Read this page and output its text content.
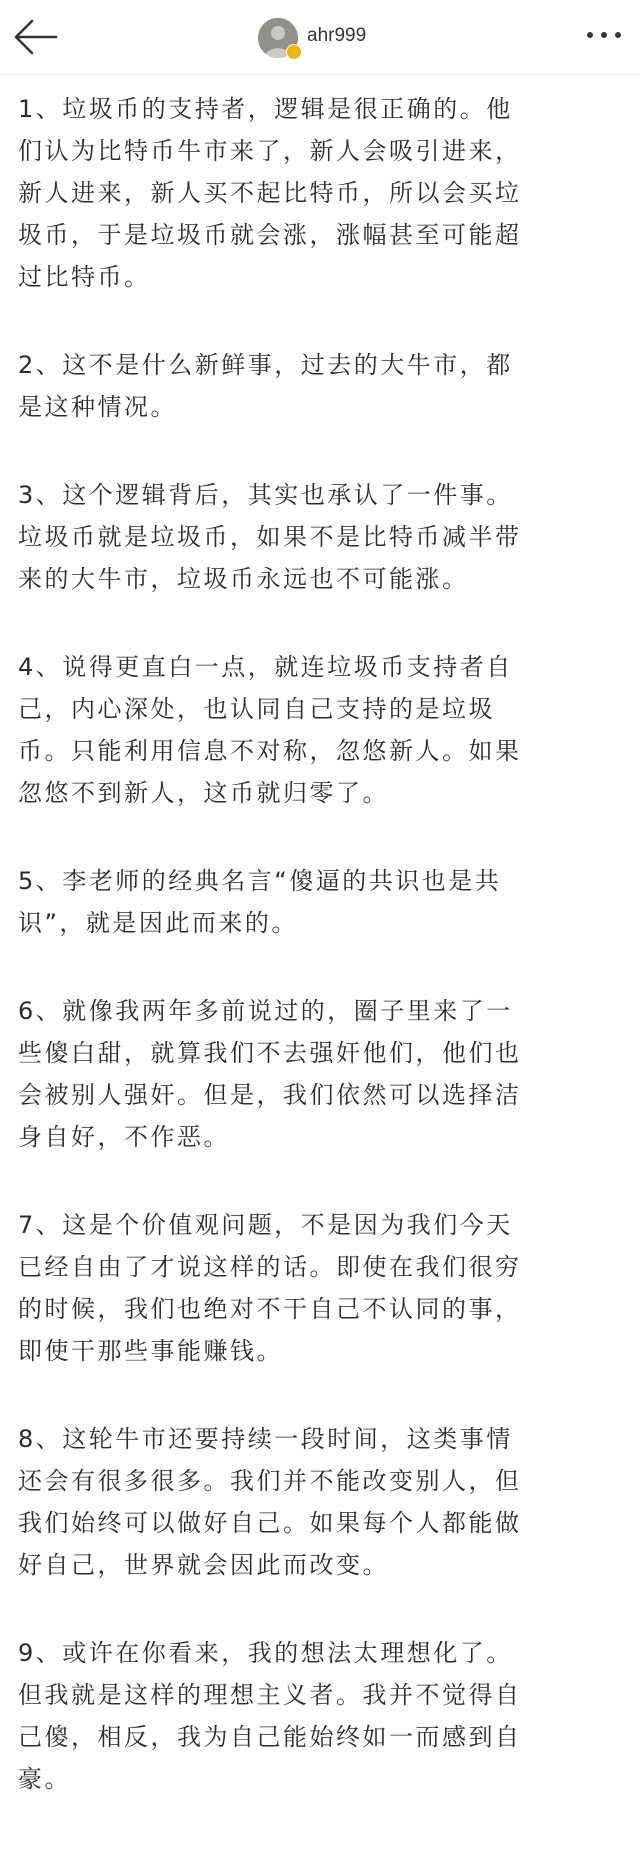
ahr999

1、垃圾币的支持者，逻辑是很正确的。他
们认为比特币牛市来了，新人会吸引进来，
新人进来，新人买不起比特币，所以会买垃
圾币，于是垃圾币就会涨，涨幅甚至可能超
过比特币。

2、这不是什么新鲜事，过去的大牛市，都
是这种情况。

3、这个逻辑背后，其实也承认了一件事。
垃圾币就是垃圾币，如果不是比特币减半带
来的大牛市，垃圾币永远也不可能涨。

4、说得更直白一点，就连垃圾币支持者自
己，内心深处，也认同自己支持的是垃圾
币。只能利用信息不对称，忽悠新人。如果
忽悠不到新人，这币就归零了。

5、李老师的经典名言“傻逼的共识也是共
识”，就是因此而来的。

6、就像我两年多前说过的，圈子里来了一
些傻白甜，就算我们不去强奸他们，他们也
会被别人强奸。但是，我们依然可以选择洁
身自好，不作恶。

7、这是个价值观问题，不是因为我们今天
已经自由了才说这样的话。即使在我们很穷
的时候，我们也绝对不干自己不认同的事，
即使干那些事能赚钱。

8、这轮牛市还要持续一段时间，这类事情
还会有很多很多。我们并不能改变别人，但
我们始终可以做好自己。如果每个人都能做
好自己，世界就会因此而改变。

9、或许在你看来，我的想法太理想化了。
但我就是这样的理想主义者。我并不觉得自
己傻，相反，我为自己能始终如一而感到自
豪。
